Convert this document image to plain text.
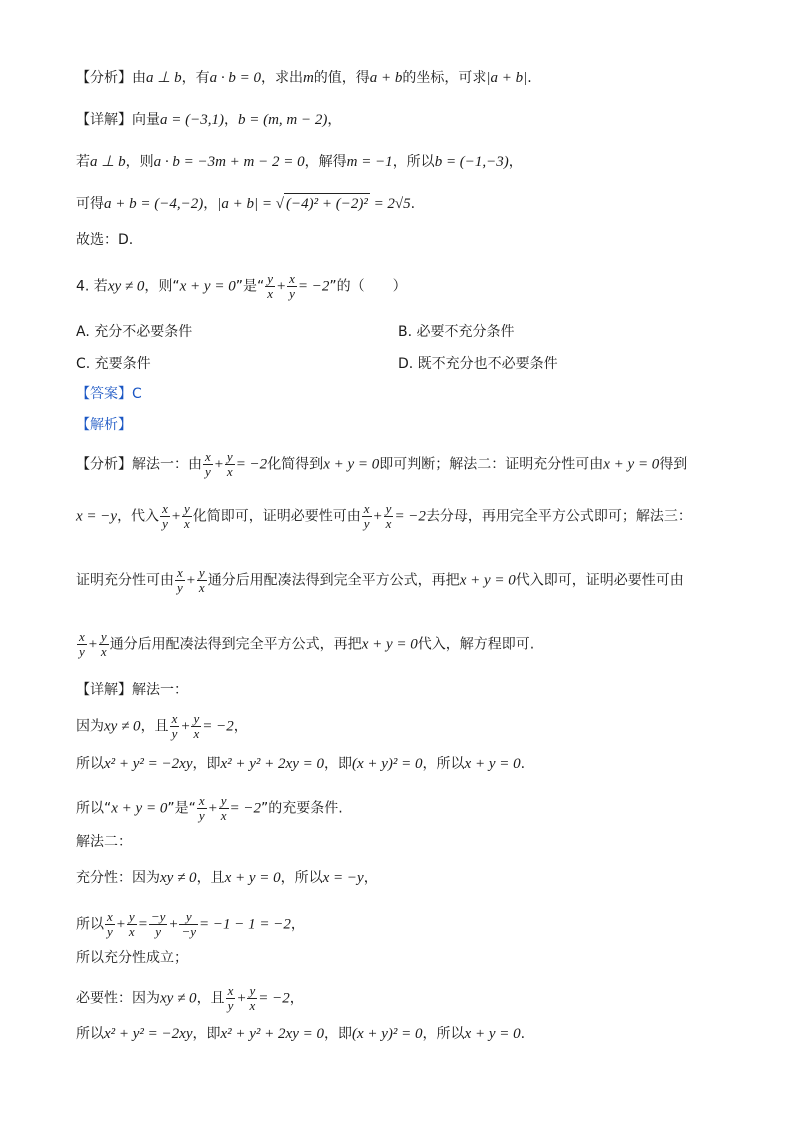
【分析】由a ⊥ b，有a · b = 0，求出m的值，得a + b的坐标，可求|a + b|.
【详解】向量a = (−3,1)，b = (m, m − 2)，
若a ⊥ b，则a · b = −3m + m − 2 = 0，解得m = −1，所以b = (−1,−3)，
可得a + b = (−4,−2)，|a + b| = √ (−4)² + (−2)² = 2√5.
故选：D.
4. 若xy ≠ 0，则“x + y = 0”是“ $\frac{y}{x} + \frac{x}{y} = -2$”的（　　）
A. 充分不必要条件	B. 必要不充分条件
C. 充要条件	D. 既不充分也不必要条件
【答案】C
【解析】
【分析】解法一：由 $\frac{x}{y} + \frac{y}{x} = -2$化简得到x + y = 0即可判断；解法二：证明充分性可由x + y = 0得到
x = −y，代入 $\frac{x}{y} + \frac{y}{x}$ 化简即可，证明必要性可由 $\frac{x}{y} + \frac{y}{x} = -2$去分母，再用完全平方公式即可；解法三：
证明充分性可由 $\frac{x}{y} + \frac{y}{x}$ 通分后用配凑法得到完全平方公式，再把x + y = 0代入即可，证明必要性可由
$\frac{x}{y} + \frac{y}{x}$ 通分后用配凑法得到完全平方公式，再把x + y = 0代入，解方程即可.
【详解】解法一：
因为xy ≠ 0，且 $\frac{x}{y} + \frac{y}{x} = -2$，
所以x² + y² = −2xy，即x² + y² + 2xy = 0，即(x + y)² = 0，所以x + y = 0.
所以“x + y = 0”是“ $\frac{x}{y} + \frac{y}{x} = -2$”的充要条件.
解法二：
充分性：因为xy ≠ 0，且x + y = 0，所以x = −y，
所以 $\frac{x}{y} + \frac{y}{x} = \frac{-y}{y} + \frac{y}{-y} = -1 - 1 = -2$，
所以充分性成立；
必要性：因为xy ≠ 0，且 $\frac{x}{y} + \frac{y}{x} = -2$，
所以x² + y² = −2xy，即x² + y² + 2xy = 0，即(x + y)² = 0，所以x + y = 0.
